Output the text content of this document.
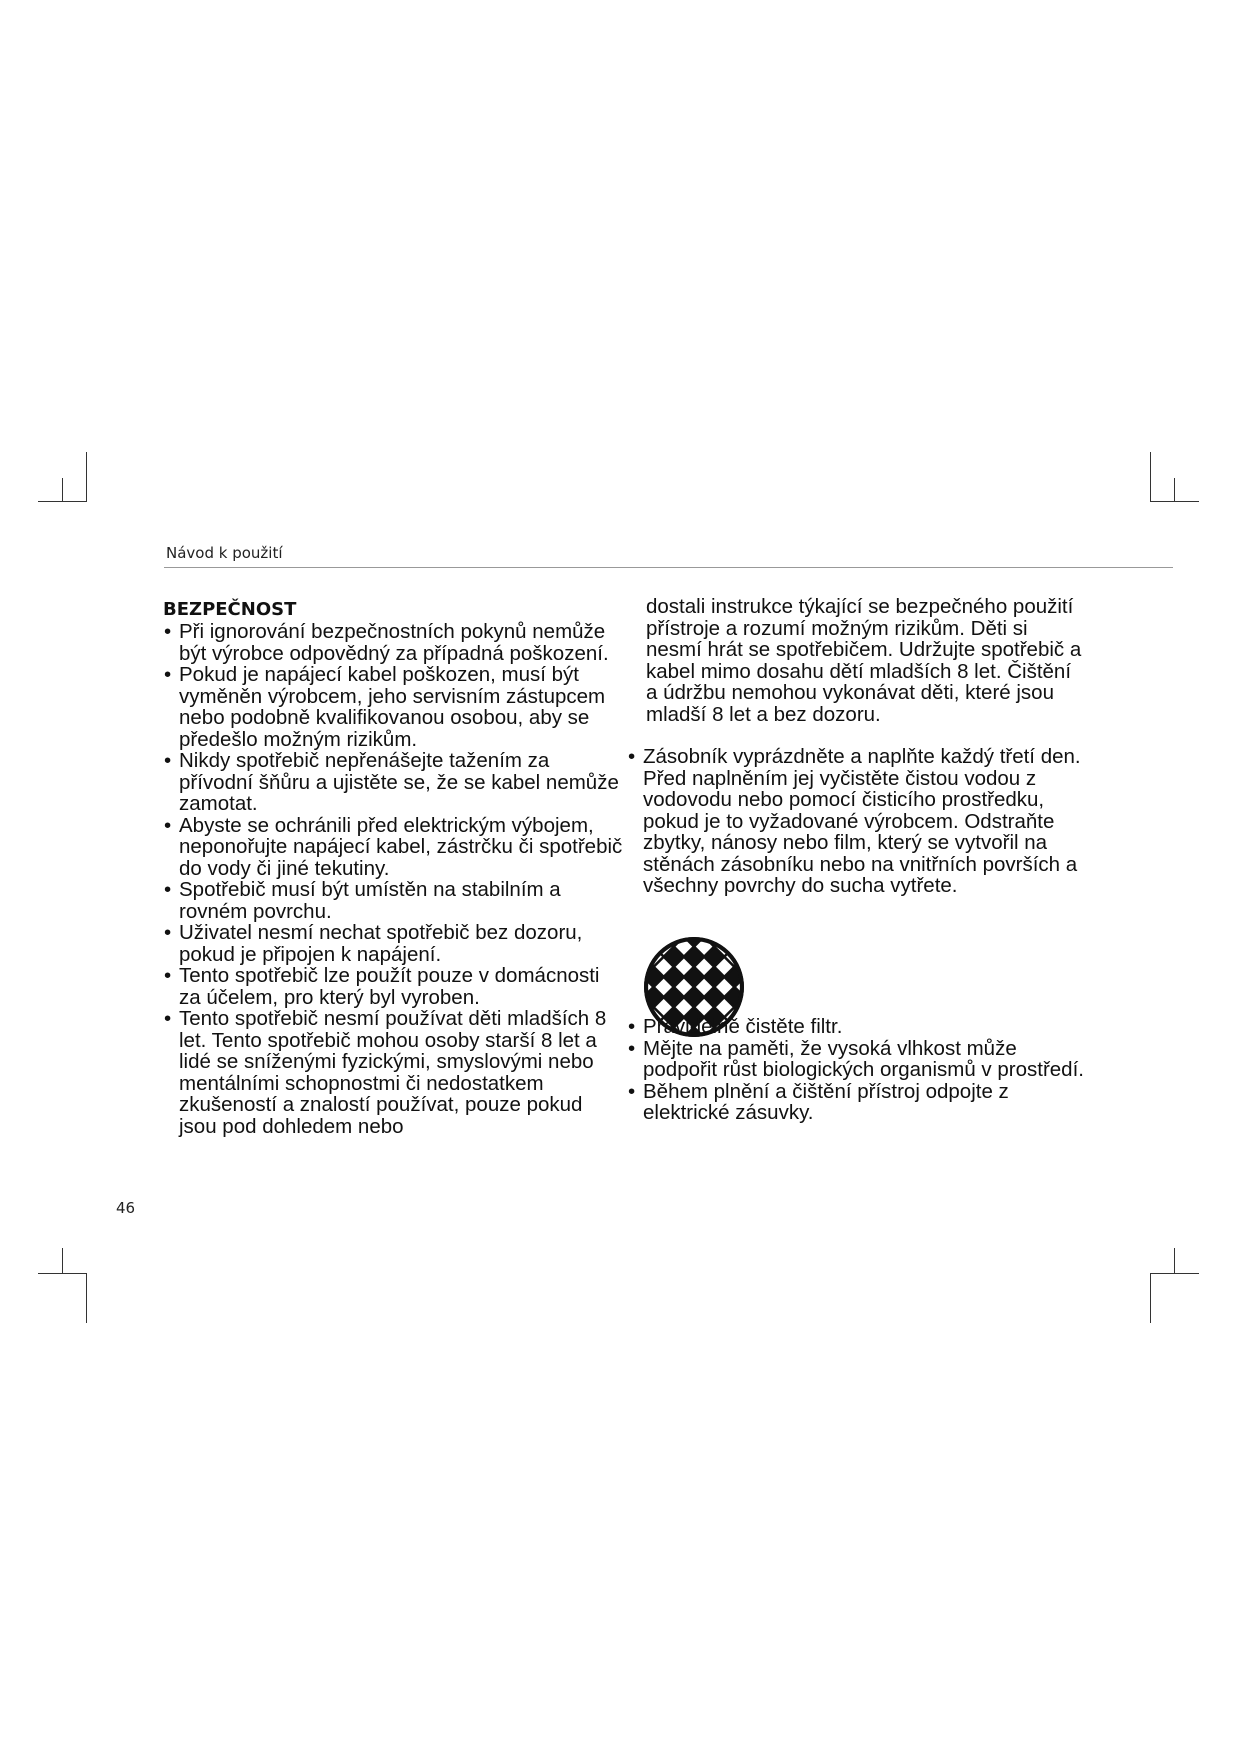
Návod k použití
BEZPEČNOST
• Při ignorování bezpečnostních pokynů nemůže být výrobce odpovědný za případná poškození.
• Pokud je napájecí kabel poškozen, musí být vyměněn výrobcem, jeho servisním zástupcem nebo podobně kvalifikovanou osobou, aby se předešlo možným rizikům.
• Nikdy spotřebič nepřenášejte tažením za přívodní šňůru a ujistěte se, že se kabel nemůže zamotat.
• Abyste se ochránili před elektrickým výbojem, neponořujte napájecí kabel, zástrčku či spotřebič do vody či jiné tekutiny.
• Spotřebič musí být umístěn na stabilním a rovném povrchu.
• Uživatel nesmí nechat spotřebič bez dozoru, pokud je připojen k napájení.
• Tento spotřebič lze použít pouze v domácnosti za účelem, pro který byl vyroben.
• Tento spotřebič nesmí používat děti mladších 8 let. Tento spotřebič mohou osoby starší 8 let a lidé se sníženými fyzickými, smyslovými nebo mentálními schopnostmi či nedostatkem zkušeností a znalostí používat, pouze pokud jsou pod dohledem nebo

dostali instrukce týkající se bezpečného použití přístroje a rozumí možným rizikům. Děti si nesmí hrát se spotřebičem. Udržujte spotřebič a kabel mimo dosahu dětí mladších 8 let. Čištění a údržbu nemohou vykonávat děti, které jsou mladší 8 let a bez dozoru.

• Zásobník vyprázdněte a naplňte každý třetí den. Před naplněním jej vyčistěte čistou vodou z vodovodu nebo pomocí čisticího prostředku, pokud je to vyžadované výrobcem. Odstraňte zbytky, nánosy nebo film, který se vytvořil na stěnách zásobníku nebo na vnitřních površích a všechny povrchy do sucha vytřete.
• Pravidelně čistěte filtr.
• Mějte na paměti, že vysoká vlhkost může podpořit růst biologických organismů v prostředí.
• Během plnění a čištění přístroj odpojte z elektrické zásuvky.
46
